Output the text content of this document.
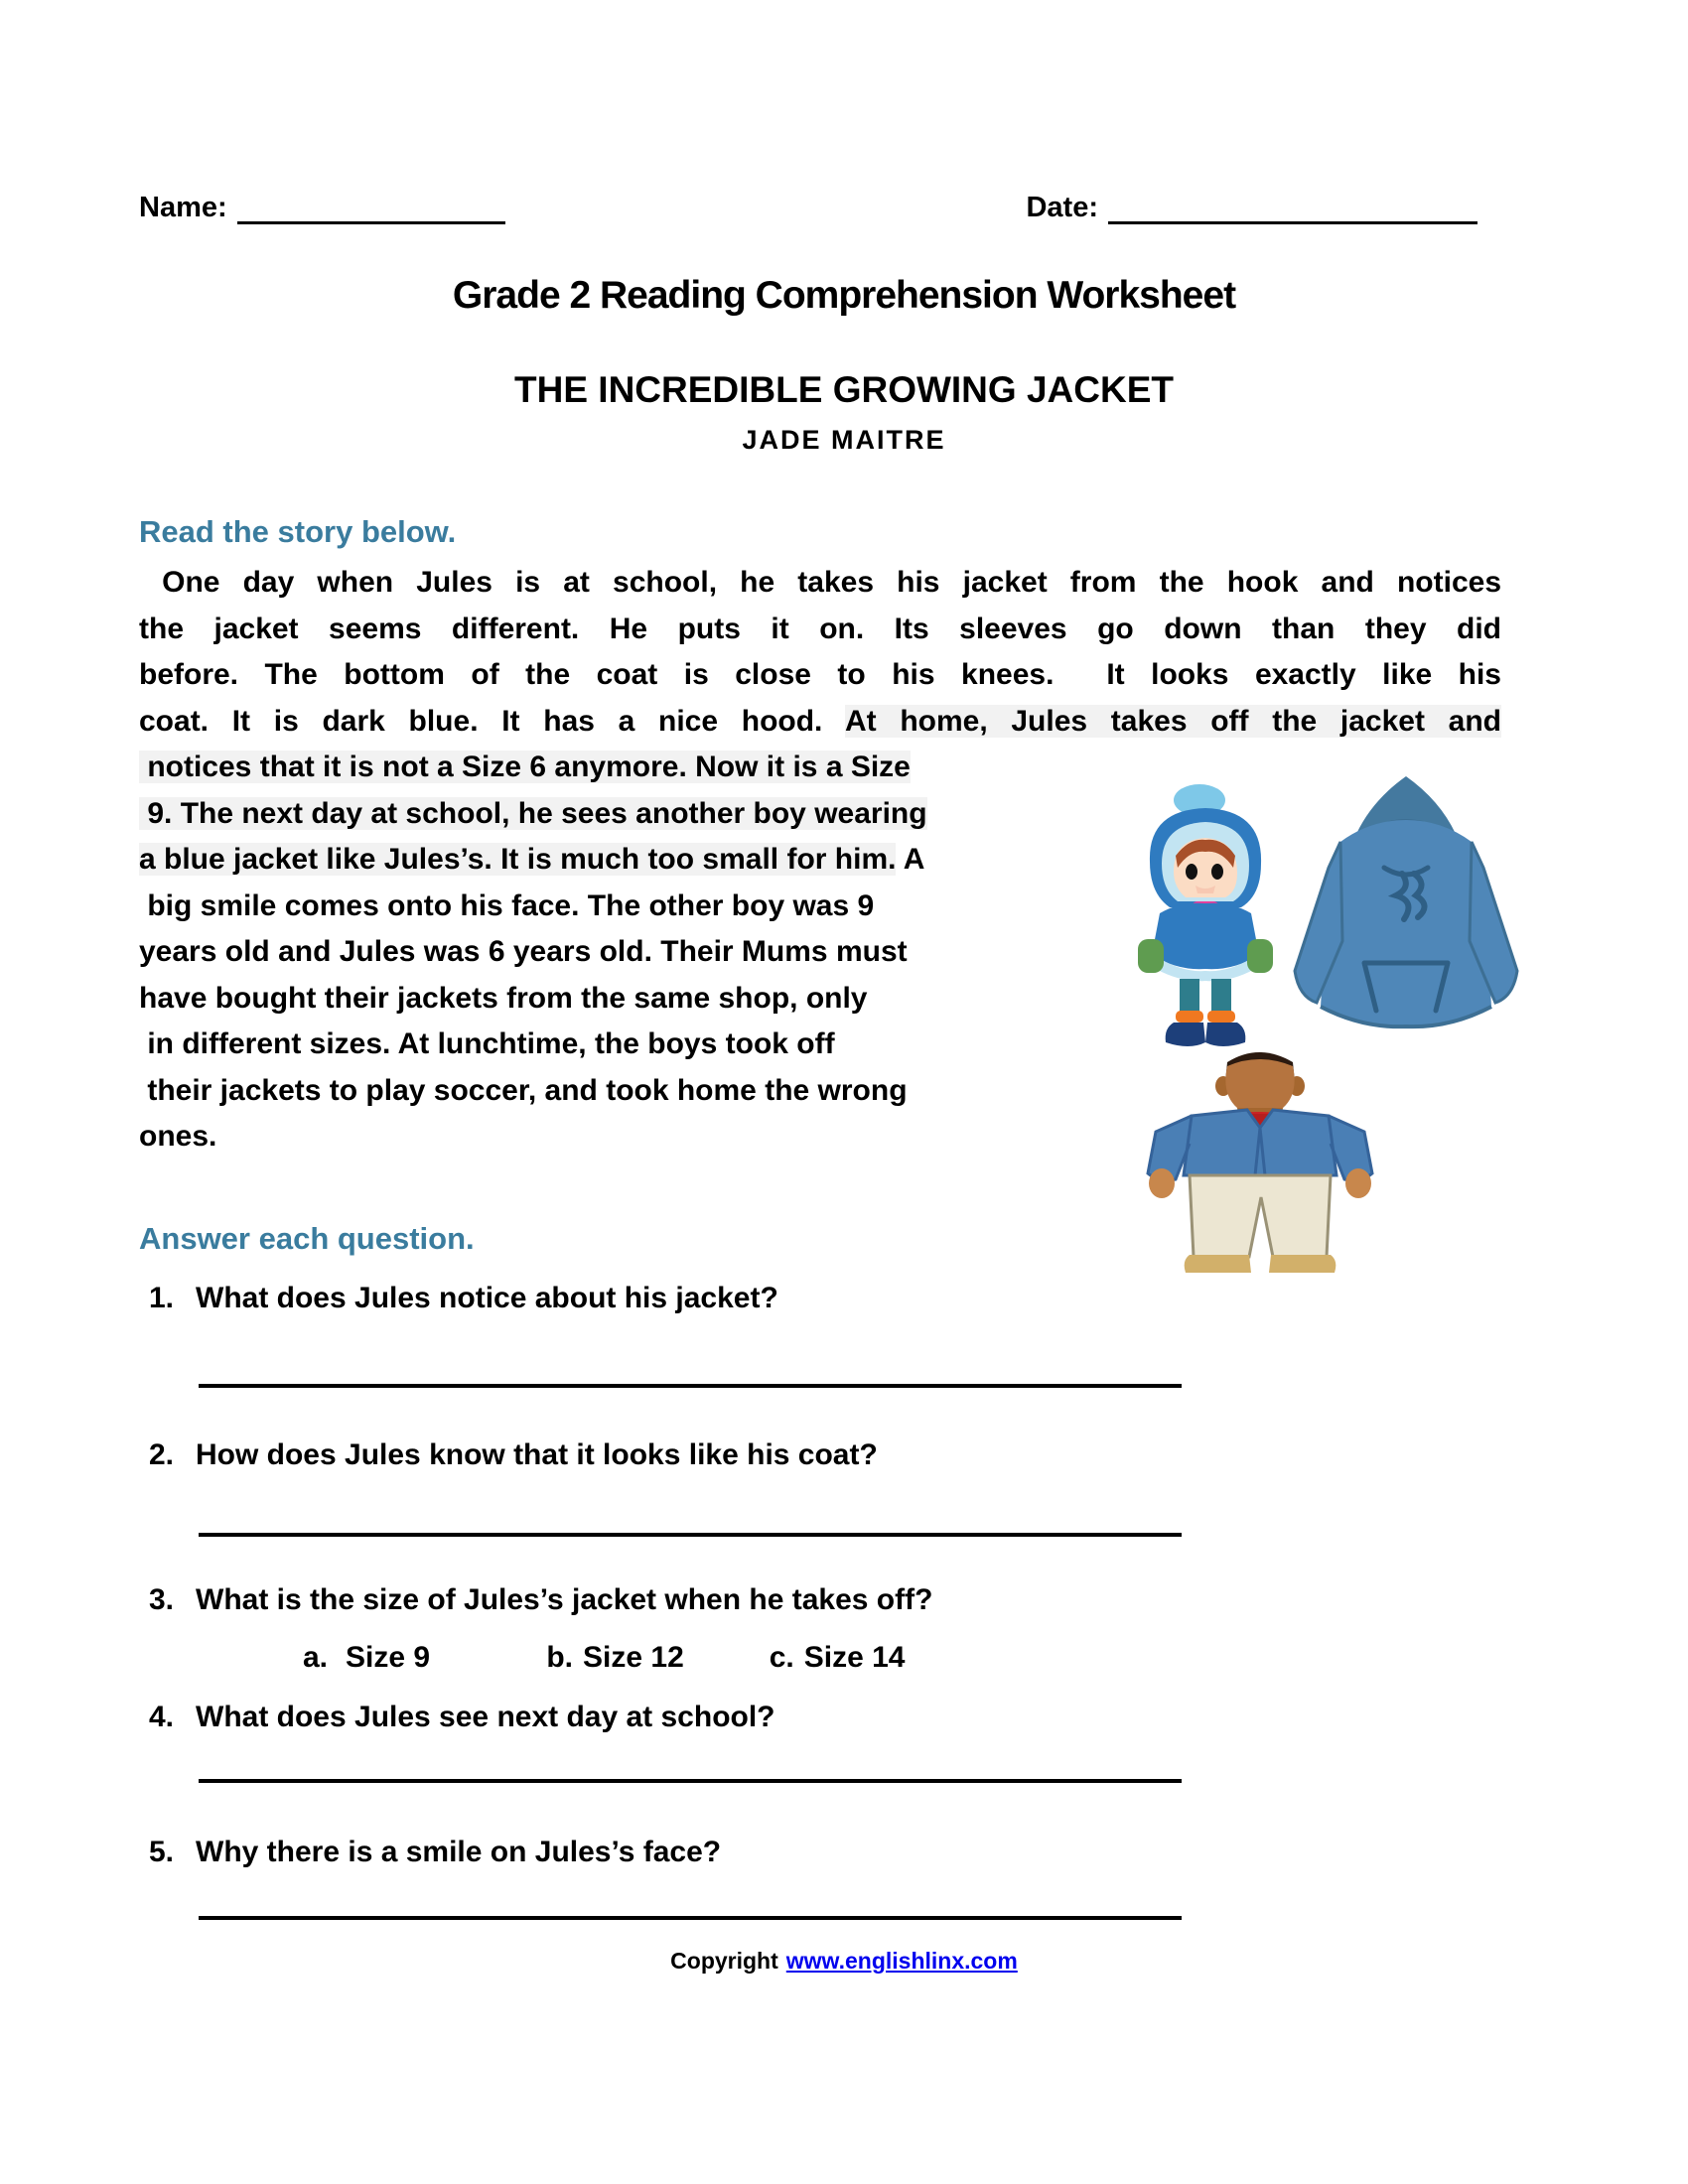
Name:	Date:
Grade 2 Reading Comprehension Worksheet
THE INCREDIBLE GROWING JACKET
JADE MAITRE
Read the story below.
One day when Jules is at school, he takes his jacket from the hook and notices
the jacket seems different. He puts it on. Its sleeves go down than they did
before. The bottom of the coat is close to his knees.  It looks exactly like his
coat. It is dark blue. It has a nice hood. At home, Jules takes off the jacket and
notices that it is not a Size 6 anymore. Now it is a Size
9. The next day at school, he sees another boy wearing
a blue jacket like Jules’s. It is much too small for him. A
big smile comes onto his face. The other boy was 9
years old and Jules was 6 years old. Their Mums must
have bought their jackets from the same shop, only
in different sizes. At lunchtime, the boys took off
their jackets to play soccer, and took home the wrong
ones.
Answer each question.
1. What does Jules notice about his jacket?
2. How does Jules know that it looks like his coat?
3. What is the size of Jules’s jacket when he takes off?
a. Size 9	b. Size 12	c. Size 14
4. What does Jules see next day at school?
5. Why there is a smile on Jules’s face?
Copyright www.englishlinx.com
